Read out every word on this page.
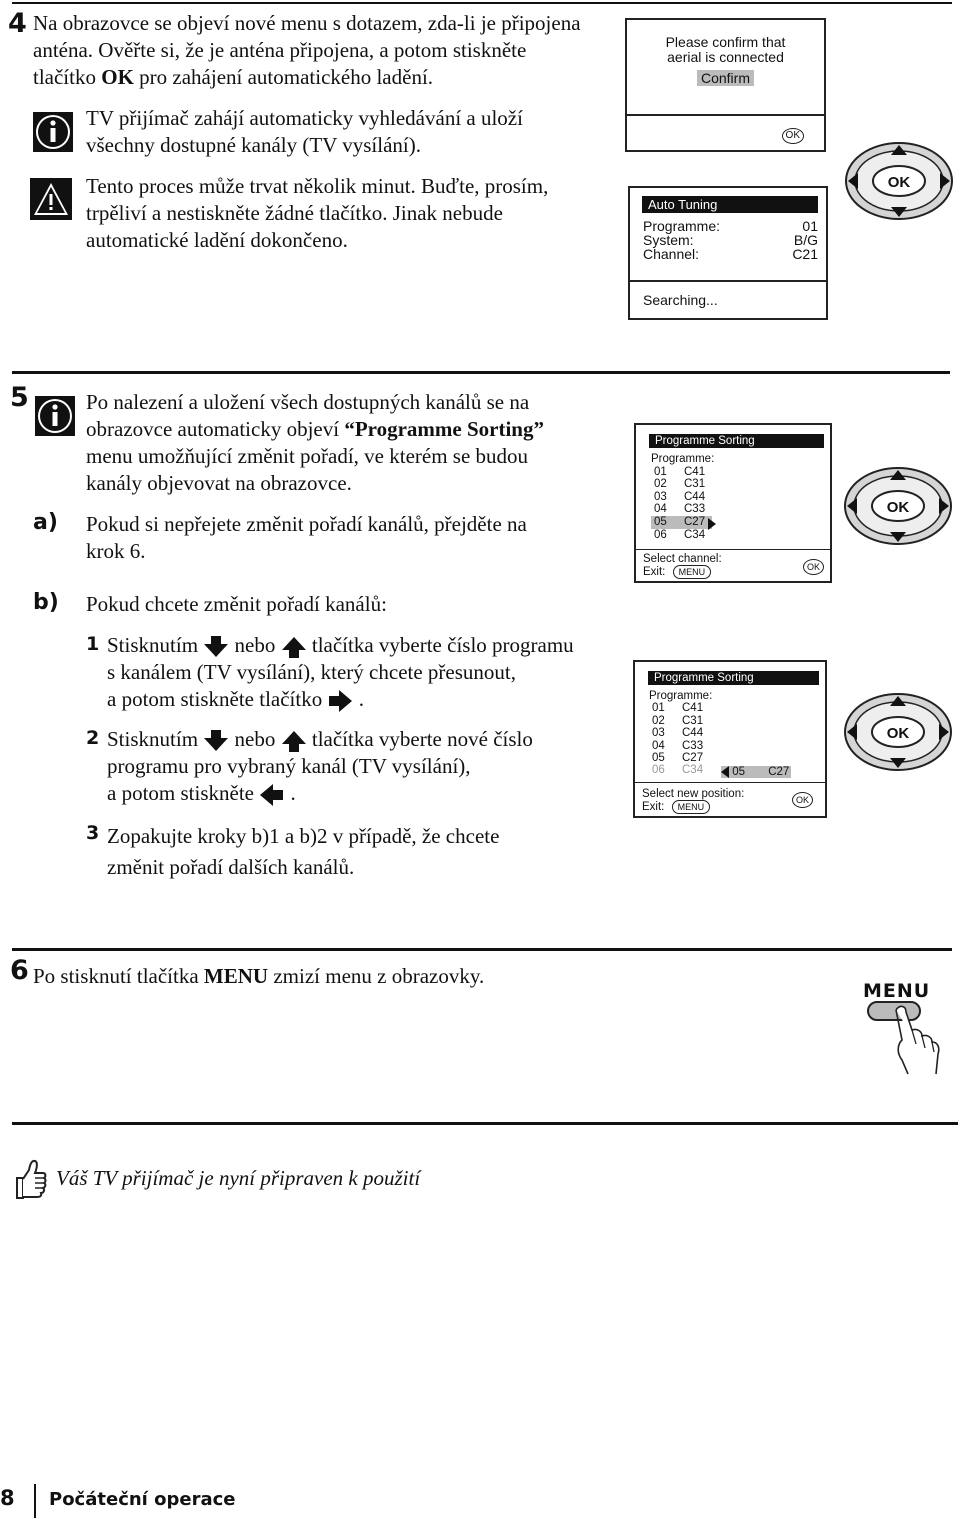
4 Na obrazovce se objeví nové menu s dotazem, zda-li je připojena
anténa. Ověřte si, že je anténa připojena, a potom stiskněte
tlačítko OK pro zahájení automatického ladění.
TV přijímač zahájí automaticky vyhledávání a uloží
všechny dostupné kanály (TV vysílání).
Tento proces může trvat několik minut. Buďte, prosím,
trpěliví a nestiskněte žádné tlačítko. Jinak nebude
automatické ladění dokončeno.
Please confirm that
aerial is connected
Confirm
OK
Auto Tuning
Programme:	01
System:	B/G
Channel:	C21
Searching...
OK
5	Po nalezení a uložení všech dostupných kanálů se na
obrazovce automaticky objeví “Programme Sorting”
menu umožňující změnit pořadí, ve kterém se budou
kanály objevovat na obrazovce.
a) Pokud si nepřejete změnit pořadí kanálů, přejděte na
krok 6.
b) Pokud chcete změnit pořadí kanálů:
1 Stisknutím nebo tlačítka vyberte číslo programu
s kanálem (TV vysílání), který chcete přesunout,
a potom stiskněte tlačítko .
2 Stisknutím nebo tlačítka vyberte nové číslo
programu pro vybraný kanál (TV vysílání),
a potom stiskněte .
3 Zopakujte kroky b)1 a b)2 v případě, že chcete
změnit pořadí dalších kanálů.
Programme Sorting
Programme:
01 C41
02 C31
03 C44
04 C33
05 C27
06 C34
Select channel:
Exit: MENU	OK
OK
Programme Sorting
Programme:
01 C41
02 C31
03 C44
04 C33
05 C27
06 C34	05 C27
Select new position:
Exit: MENU
OK
OK
6 Po stisknutí tlačítka MENU zmizí menu z obrazovky.
MENU
Váš TV přijímač je nyní připraven k použití
8 Počáteční operace
